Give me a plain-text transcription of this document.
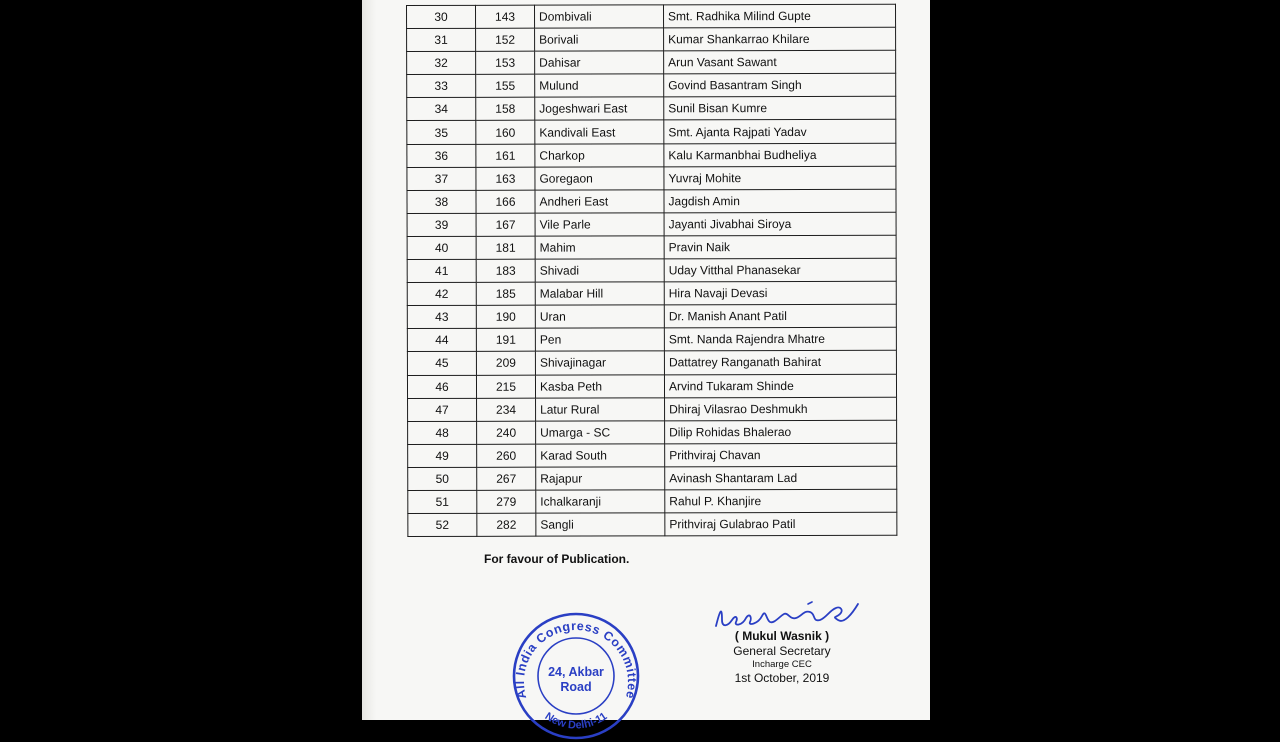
30	143	Dombivali	Smt. Radhika Milind Gupte
31	152	Borivali	Kumar Shankarrao Khilare
32	153	Dahisar	Arun Vasant Sawant
33	155	Mulund	Govind Basantram Singh
34	158	Jogeshwari East	Sunil Bisan Kumre
35	160	Kandivali East	Smt. Ajanta Rajpati Yadav
36	161	Charkop	Kalu Karmanbhai Budheliya
37	163	Goregaon	Yuvraj Mohite
38	166	Andheri East	Jagdish Amin
39	167	Vile Parle	Jayanti Jivabhai Siroya
40	181	Mahim	Pravin Naik
41	183	Shivadi	Uday Vitthal Phanasekar
42	185	Malabar Hill	Hira Navaji Devasi
43	190	Uran	Dr. Manish Anant Patil
44	191	Pen	Smt. Nanda Rajendra Mhatre
45	209	Shivajinagar	Dattatrey Ranganath Bahirat
46	215	Kasba Peth	Arvind Tukaram Shinde
47	234	Latur Rural	Dhiraj Vilasrao Deshmukh
48	240	Umarga - SC	Dilip Rohidas Bhalerao
49	260	Karad South	Prithviraj Chavan
50	267	Rajapur	Avinash Shantaram Lad
51	279	Ichalkaranji	Rahul P. Khanjire
52	282	Sangli	Prithviraj Gulabrao Patil
For favour of Publication.
( Mukul Wasnik )
General Secretary
Incharge CEC
1st October, 2019
All India Congress Committee
New Delhi-11
24, Akbar
Road
